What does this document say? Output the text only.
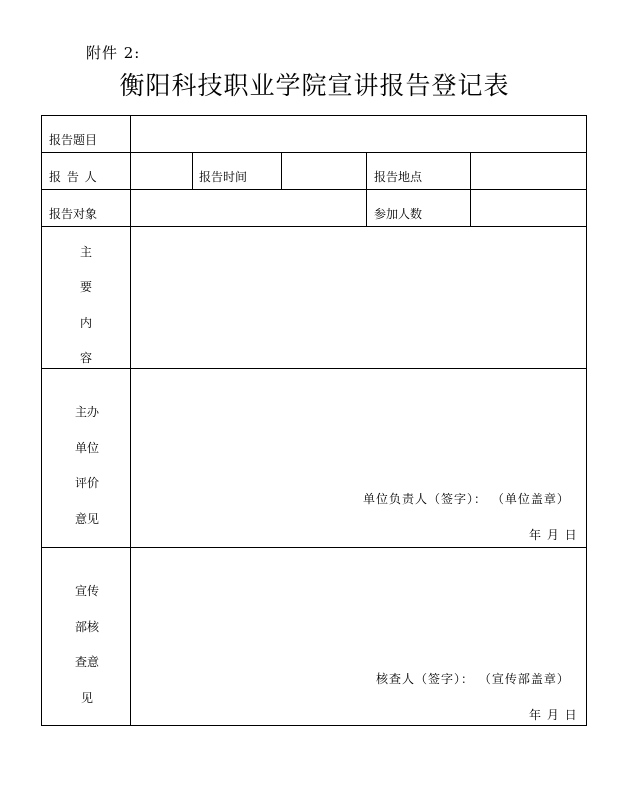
附件 2:
衡阳科技职业学院宣讲报告登记表
报告题目
报 告 人	报告时间	报告地点
报告对象	参加人数
主
要
内
容
主办
单位
评价
意见
单位负责人（签字）： （单位盖章）
年 月 日
宣传
部核
查意
见
核查人（签字）： （宣传部盖章）
年 月 日
